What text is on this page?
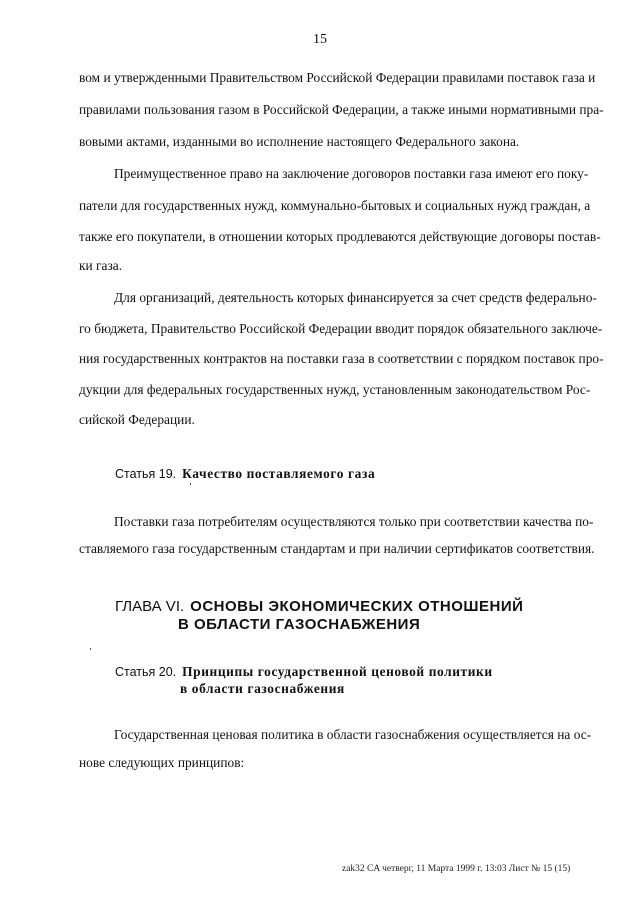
15
вом и утвержденными Правительством Российской Федерации правилами поставок газа и
правилами пользования газом в Российской Федерации, а также иными нормативными пра-
вовыми актами, изданными во исполнение настоящего Федерального закона.
Преимущественное право на заключение договоров поставки газа имеют его поку-
патели для государственных нужд, коммунально-бытовых и социальных нужд граждан, а
также его покупатели, в отношении которых продлеваются действующие договоры постав-
ки газа.
Для организаций, деятельность которых финансируется за счет средств федерально-
го бюджета, Правительство Российской Федерации вводит порядок обязательного заключе-
ния государственных контрактов на поставки газа в соответствии с порядком поставок про-
дукции для федеральных государственных нужд, установленным законодательством Рос-
сийской Федерации.
Статья 19. Качество поставляемого газа
Поставки газа потребителям осуществляются только при соответствии качества по-
ставляемого газа государственным стандартам и при наличии сертификатов соответствия.
ГЛАВА VI. ОСНОВЫ ЭКОНОМИЧЕСКИХ ОТНОШЕНИЙ
В ОБЛАСТИ ГАЗОСНАБЖЕНИЯ
Статья 20. Принципы государственной ценовой политики
в области газоснабжения
Государственная ценовая политика в области газоснабжения осуществляется на ос-
нове следующих принципов:
zak32 CA четверг, 11 Марта 1999 г. 13:03 Лист № 15 (15)
